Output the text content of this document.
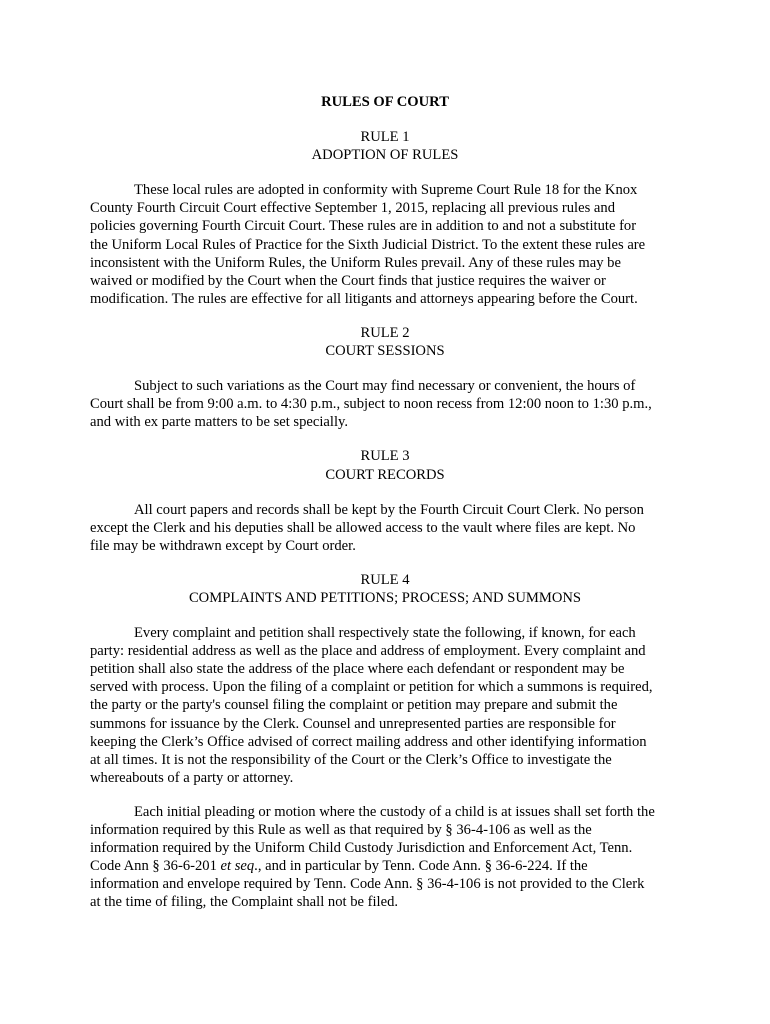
RULES OF COURT
RULE 1
ADOPTION OF RULES
These local rules are adopted in conformity with Supreme Court Rule 18 for the Knox
County Fourth Circuit Court effective September 1, 2015, replacing all previous rules and
policies governing Fourth Circuit Court. These rules are in addition to and not a substitute for
the Uniform Local Rules of Practice for the Sixth Judicial District. To the extent these rules are
inconsistent with the Uniform Rules, the Uniform Rules prevail. Any of these rules may be
waived or modified by the Court when the Court finds that justice requires the waiver or
modification. The rules are effective for all litigants and attorneys appearing before the Court.
RULE 2
COURT SESSIONS
Subject to such variations as the Court may find necessary or convenient, the hours of
Court shall be from 9:00 a.m. to 4:30 p.m., subject to noon recess from 12:00 noon to 1:30 p.m.,
and with ex parte matters to be set specially.
RULE 3
COURT RECORDS
All court papers and records shall be kept by the Fourth Circuit Court Clerk. No person
except the Clerk and his deputies shall be allowed access to the vault where files are kept. No
file may be withdrawn except by Court order.
RULE 4
COMPLAINTS AND PETITIONS; PROCESS; AND SUMMONS
Every complaint and petition shall respectively state the following, if known, for each
party: residential address as well as the place and address of employment. Every complaint and
petition shall also state the address of the place where each defendant or respondent may be
served with process. Upon the filing of a complaint or petition for which a summons is required,
the party or the party's counsel filing the complaint or petition may prepare and submit the
summons for issuance by the Clerk. Counsel and unrepresented parties are responsible for
keeping the Clerk’s Office advised of correct mailing address and other identifying information
at all times. It is not the responsibility of the Court or the Clerk’s Office to investigate the
whereabouts of a party or attorney.
Each initial pleading or motion where the custody of a child is at issues shall set forth the
information required by this Rule as well as that required by § 36-4-106 as well as the
information required by the Uniform Child Custody Jurisdiction and Enforcement Act, Tenn.
Code Ann § 36-6-201 et seq., and in particular by Tenn. Code Ann. § 36-6-224. If the
information and envelope required by Tenn. Code Ann. § 36-4-106 is not provided to the Clerk
at the time of filing, the Complaint shall not be filed.
